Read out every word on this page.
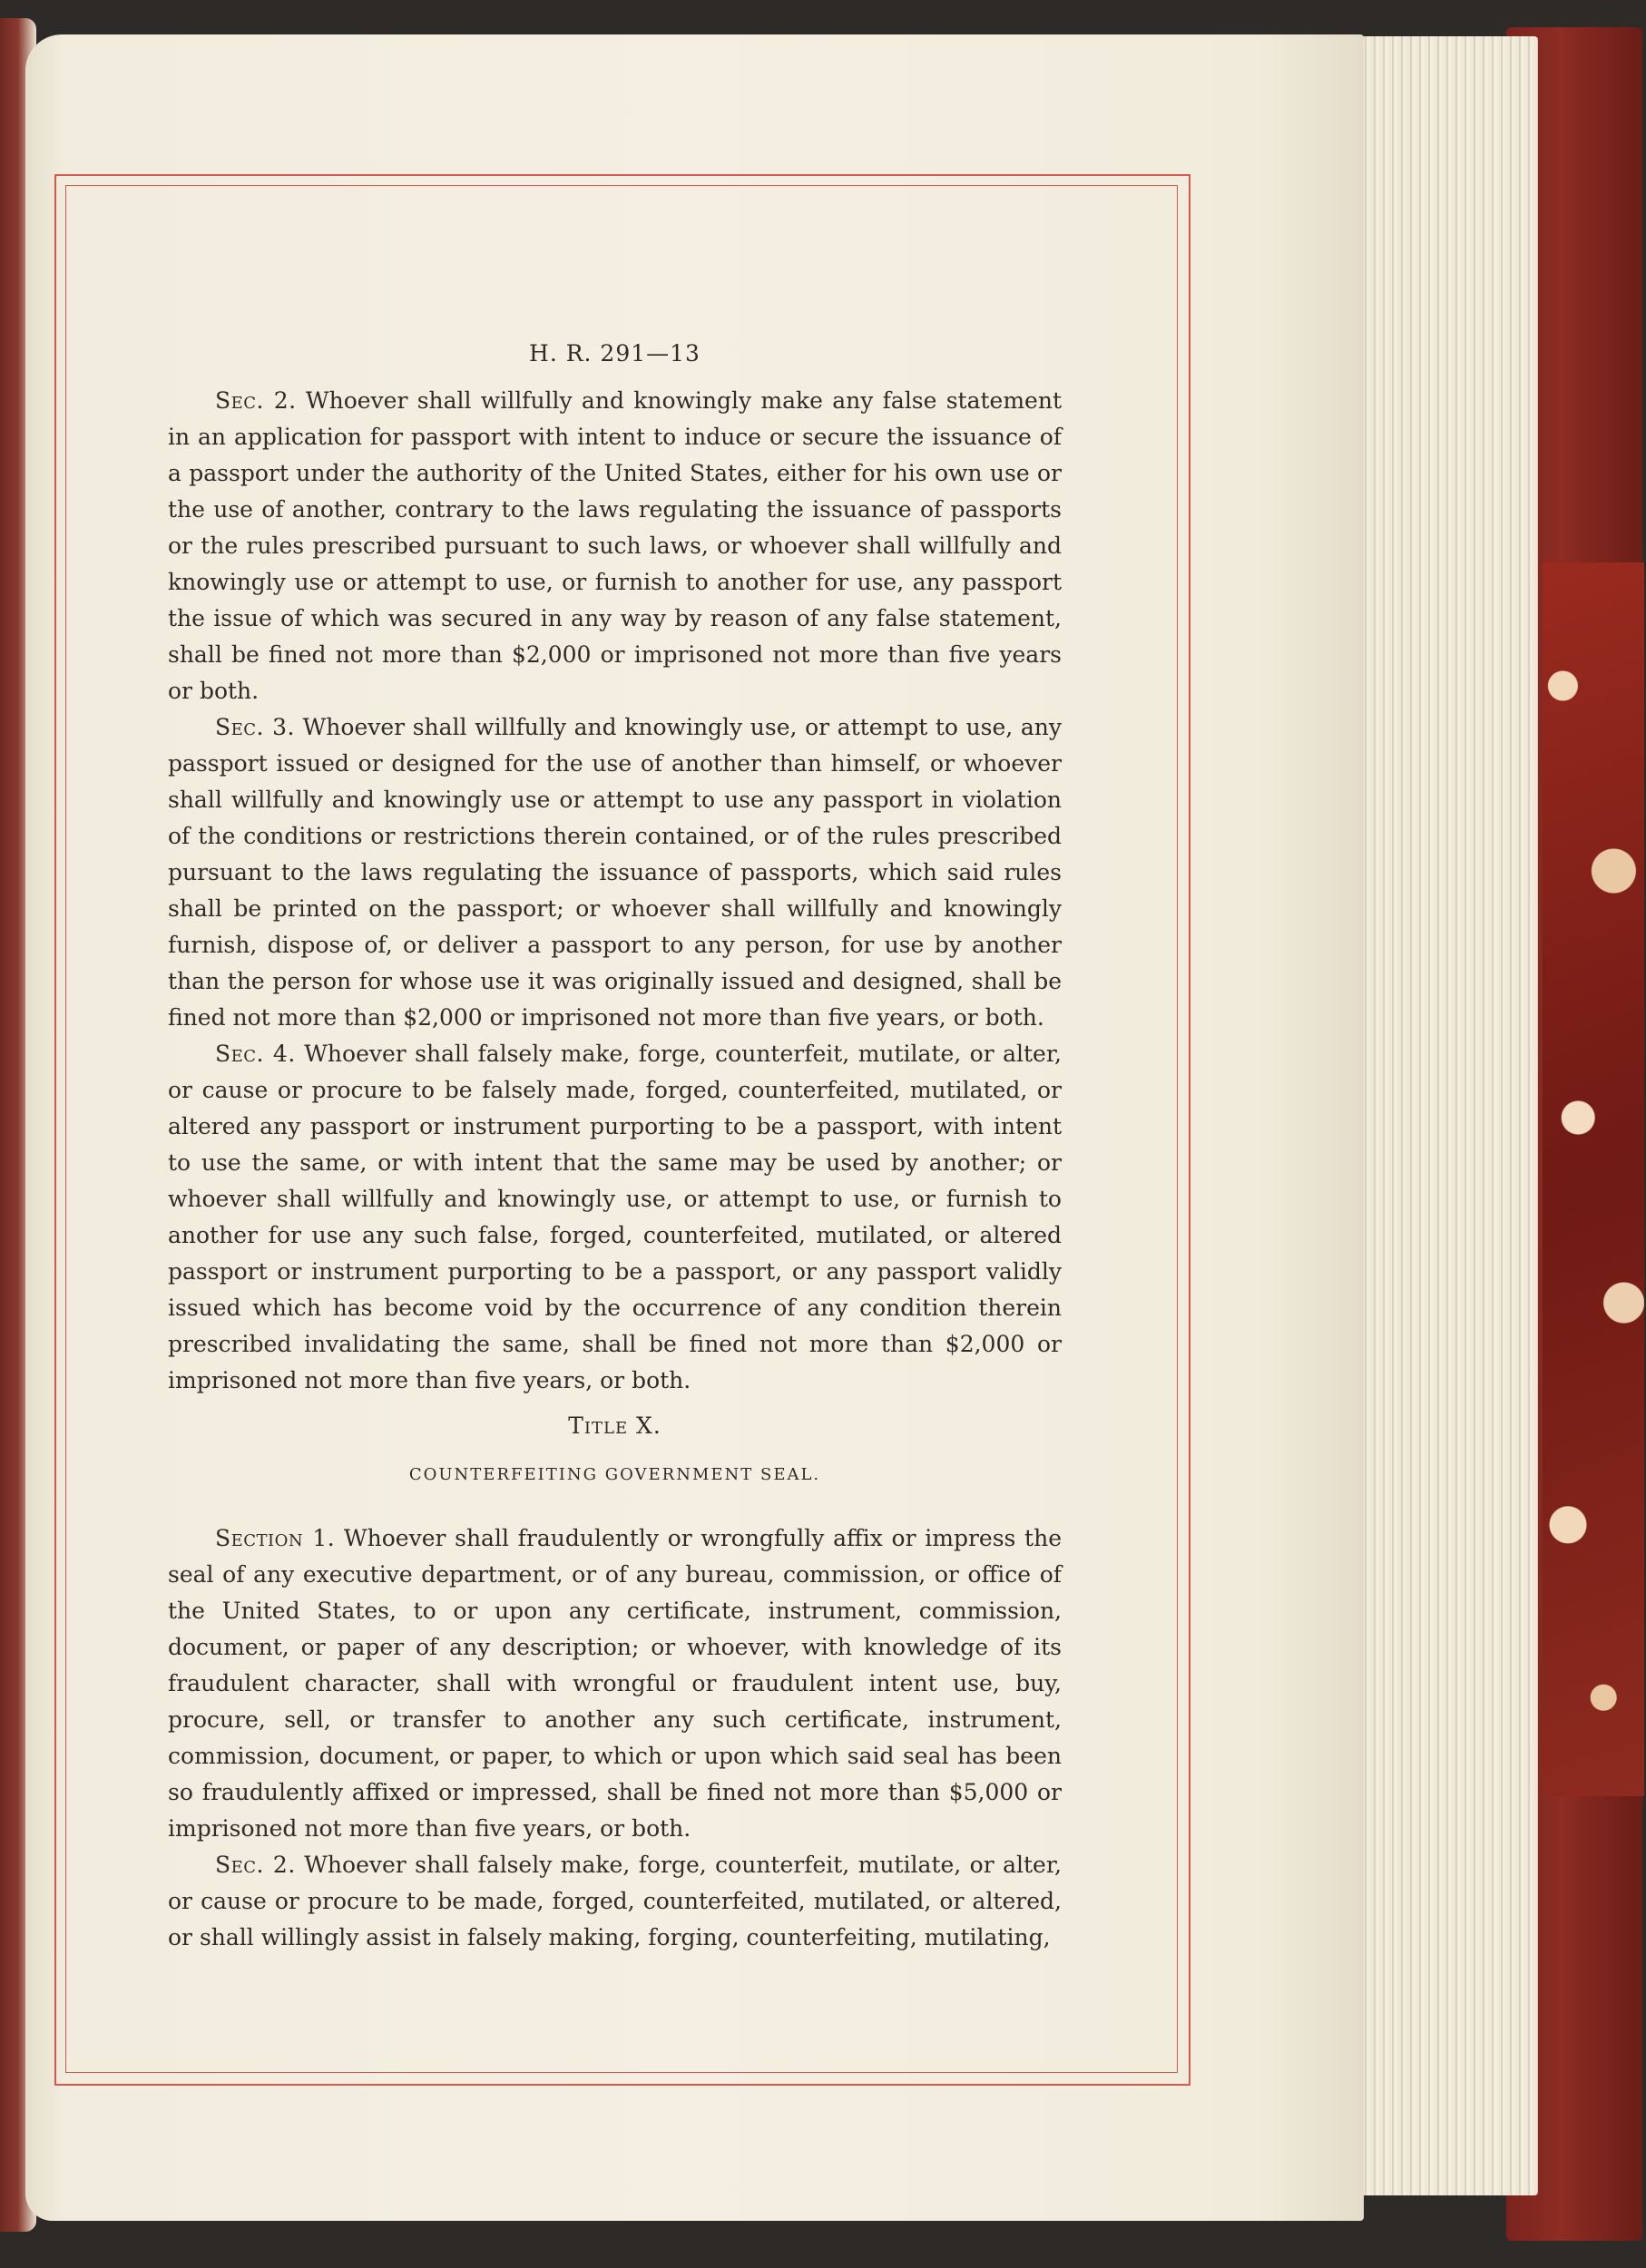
H. R. 291—13

Sec. 2. Whoever shall willfully and knowingly make any false statement in an application for passport with intent to induce or secure the issuance of a passport under the authority of the United States, either for his own use or the use of another, contrary to the laws regulating the issuance of passports or the rules prescribed pursuant to such laws, or whoever shall willfully and knowingly use or attempt to use, or furnish to another for use, any passport the issue of which was secured in any way by reason of any false statement, shall be fined not more than $2,000 or imprisoned not more than five years or both.

Sec. 3. Whoever shall willfully and knowingly use, or attempt to use, any passport issued or designed for the use of another than himself, or whoever shall willfully and knowingly use or attempt to use any passport in violation of the conditions or restrictions therein contained, or of the rules prescribed pursuant to the laws regulating the issuance of passports, which said rules shall be printed on the passport; or whoever shall willfully and knowingly furnish, dispose of, or deliver a passport to any person, for use by another than the person for whose use it was originally issued and designed, shall be fined not more than $2,000 or imprisoned not more than five years, or both.

Sec. 4. Whoever shall falsely make, forge, counterfeit, mutilate, or alter, or cause or procure to be falsely made, forged, counterfeited, mutilated, or altered any passport or instrument purporting to be a passport, with intent to use the same, or with intent that the same may be used by another; or whoever shall willfully and knowingly use, or attempt to use, or furnish to another for use any such false, forged, counterfeited, mutilated, or altered passport or instrument purporting to be a passport, or any passport validly issued which has become void by the occurrence of any condition therein prescribed invalidating the same, shall be fined not more than $2,000 or imprisoned not more than five years, or both.

Title X.
COUNTERFEITING GOVERNMENT SEAL.

Section 1. Whoever shall fraudulently or wrongfully affix or impress the seal of any executive department, or of any bureau, commission, or office of the United States, to or upon any certificate, instrument, commission, document, or paper of any description; or whoever, with knowledge of its fraudulent character, shall with wrongful or fraudulent intent use, buy, procure, sell, or transfer to another any such certificate, instrument, commission, document, or paper, to which or upon which said seal has been so fraudulently affixed or impressed, shall be fined not more than $5,000 or imprisoned not more than five years, or both.

Sec. 2. Whoever shall falsely make, forge, counterfeit, mutilate, or alter, or cause or procure to be made, forged, counterfeited, mutilated, or altered, or shall willingly assist in falsely making, forging, counterfeiting, mutilating,
